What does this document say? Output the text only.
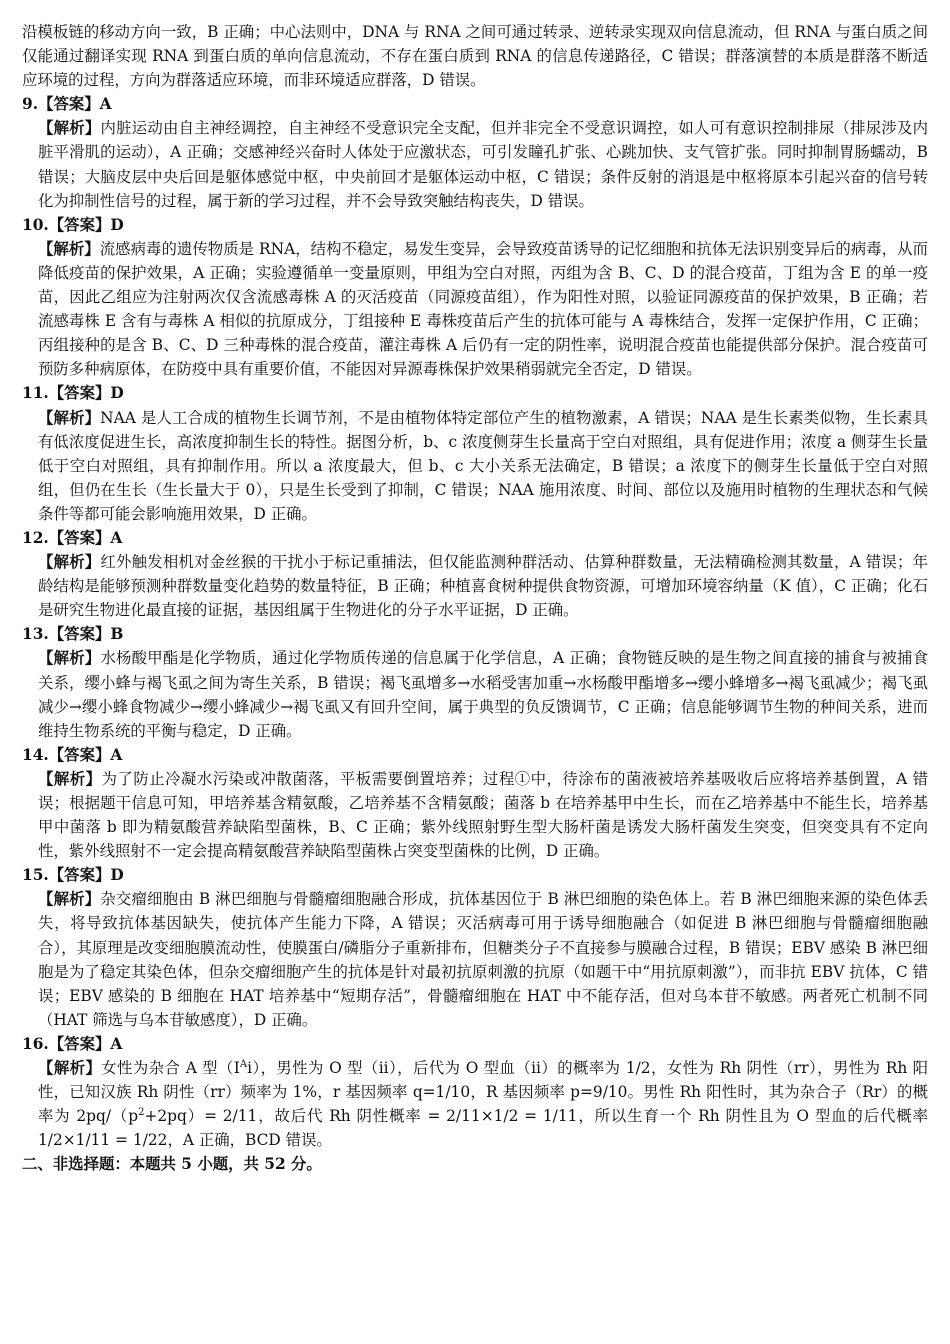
沿模板链的移动方向一致，B 正确；中心法则中，DNA 与 RNA 之间可通过转录、逆转录实现双向信息流动，但 RNA 与蛋白质之间仅能通过翻译实现 RNA 到蛋白质的单向信息流动，不存在蛋白质到 RNA 的信息传递路径，C 错误；群落演替的本质是群落不断适应环境的过程，方向为群落适应环境，而非环境适应群落，D 错误。

9.【答案】A

【解析】内脏运动由自主神经调控，自主神经不受意识完全支配，但并非完全不受意识调控，如人可有意识控制排尿（排尿涉及内脏平滑肌的运动），A 正确；交感神经兴奋时人体处于应激状态，可引发瞳孔扩张、心跳加快、支气管扩张。同时抑制胃肠蠕动，B 错误；大脑皮层中央后回是躯体感觉中枢，中央前回才是躯体运动中枢，C 错误；条件反射的消退是中枢将原本引起兴奋的信号转化为抑制性信号的过程，属于新的学习过程，并不会导致突触结构丧失，D 错误。

10.【答案】D

【解析】流感病毒的遗传物质是 RNA，结构不稳定，易发生变异，会导致疫苗诱导的记忆细胞和抗体无法识别变异后的病毒，从而降低疫苗的保护效果，A 正确；实验遵循单一变量原则，甲组为空白对照，丙组为含 B、C、D 的混合疫苗，丁组为含 E 的单一疫苗，因此乙组应为注射两次仅含流感毒株 A 的灭活疫苗（同源疫苗组），作为阳性对照，以验证同源疫苗的保护效果，B 正确；若流感毒株 E 含有与毒株 A 相似的抗原成分，丁组接种 E 毒株疫苗后产生的抗体可能与 A 毒株结合，发挥一定保护作用，C 正确；丙组接种的是含 B、C、D 三种毒株的混合疫苗，灌注毒株 A 后仍有一定的阴性率，说明混合疫苗也能提供部分保护。混合疫苗可预防多种病原体，在防疫中具有重要价值，不能因对异源毒株保护效果稍弱就完全否定，D 错误。

11.【答案】D

【解析】NAA 是人工合成的植物生长调节剂，不是由植物体特定部位产生的植物激素，A 错误；NAA 是生长素类似物，生长素具有低浓度促进生长，高浓度抑制生长的特性。据图分析，b、c 浓度侧芽生长量高于空白对照组，具有促进作用；浓度 a 侧芽生长量低于空白对照组，具有抑制作用。所以 a 浓度最大，但 b、c 大小关系无法确定，B 错误；a 浓度下的侧芽生长量低于空白对照组，但仍在生长（生长量大于 0），只是生长受到了抑制，C 错误；NAA 施用浓度、时间、部位以及施用时植物的生理状态和气候条件等都可能会影响施用效果，D 正确。

12.【答案】A

【解析】红外触发相机对金丝猴的干扰小于标记重捕法，但仅能监测种群活动、估算种群数量，无法精确检测其数量，A 错误；年龄结构是能够预测种群数量变化趋势的数量特征，B 正确；种植喜食树种提供食物资源，可增加环境容纳量（K 值），C 正确；化石是研究生物进化最直接的证据，基因组属于生物进化的分子水平证据，D 正确。

13.【答案】B

【解析】水杨酸甲酯是化学物质，通过化学物质传递的信息属于化学信息，A 正确；食物链反映的是生物之间直接的捕食与被捕食关系，缨小蜂与褐飞虱之间为寄生关系，B 错误；褐飞虱增多→水稻受害加重→水杨酸甲酯增多→缨小蜂增多→褐飞虱减少；褐飞虱减少→缨小蜂食物减少→缨小蜂减少→褐飞虱又有回升空间，属于典型的负反馈调节，C 正确；信息能够调节生物的种间关系，进而维持生物系统的平衡与稳定，D 正确。

14.【答案】A

【解析】为了防止冷凝水污染或冲散菌落，平板需要倒置培养；过程①中，待涂布的菌液被培养基吸收后应将培养基倒置，A 错误；根据题干信息可知，甲培养基含精氨酸，乙培养基不含精氨酸；菌落 b 在培养基甲中生长，而在乙培养基中不能生长，培养基甲中菌落 b 即为精氨酸营养缺陷型菌株，B、C 正确；紫外线照射野生型大肠杆菌是诱发大肠杆菌发生突变，但突变具有不定向性，紫外线照射不一定会提高精氨酸营养缺陷型菌株占突变型菌株的比例，D 正确。

15.【答案】D

【解析】杂交瘤细胞由 B 淋巴细胞与骨髓瘤细胞融合形成，抗体基因位于 B 淋巴细胞的染色体上。若 B 淋巴细胞来源的染色体丢失，将导致抗体基因缺失，使抗体产生能力下降，A 错误；灭活病毒可用于诱导细胞融合（如促进 B 淋巴细胞与骨髓瘤细胞融合），其原理是改变细胞膜流动性，使膜蛋白/磷脂分子重新排布，但糖类分子不直接参与膜融合过程，B 错误；EBV 感染 B 淋巴细胞是为了稳定其染色体，但杂交瘤细胞产生的抗体是针对最初抗原刺激的抗原（如题干中“用抗原刺激”），而非抗 EBV 抗体，C 错误；EBV 感染的 B 细胞在 HAT 培养基中“短期存活”，骨髓瘤细胞在 HAT 中不能存活，但对乌本苷不敏感。两者死亡机制不同（HAT 筛选与乌本苷敏感度），D 正确。

16.【答案】A

【解析】女性为杂合 A 型$(I^Ai)$，男性为 O 型（ii），后代为 O 型血（ii）的概率为 1/2，女性为 Rh 阴性（rr），男性为 Rh 阳性，已知汉族 Rh 阴性（rr）频率为 1%，r 基因频率 q=1/10，R 基因频率 p=9/10。男性 Rh 阳性时，其为杂合子（Rr）的概率为 $2pq/(p^2+2pq)= 2/11$，故后代 Rh 阴性概率 = 2/11×1/2 = 1/11，所以生育一个 Rh 阴性且为 O 型血的后代概率 1/2×1/11 = 1/22，A 正确，BCD 错误。

二、非选择题：本题共 5 小题，共 52 分。
